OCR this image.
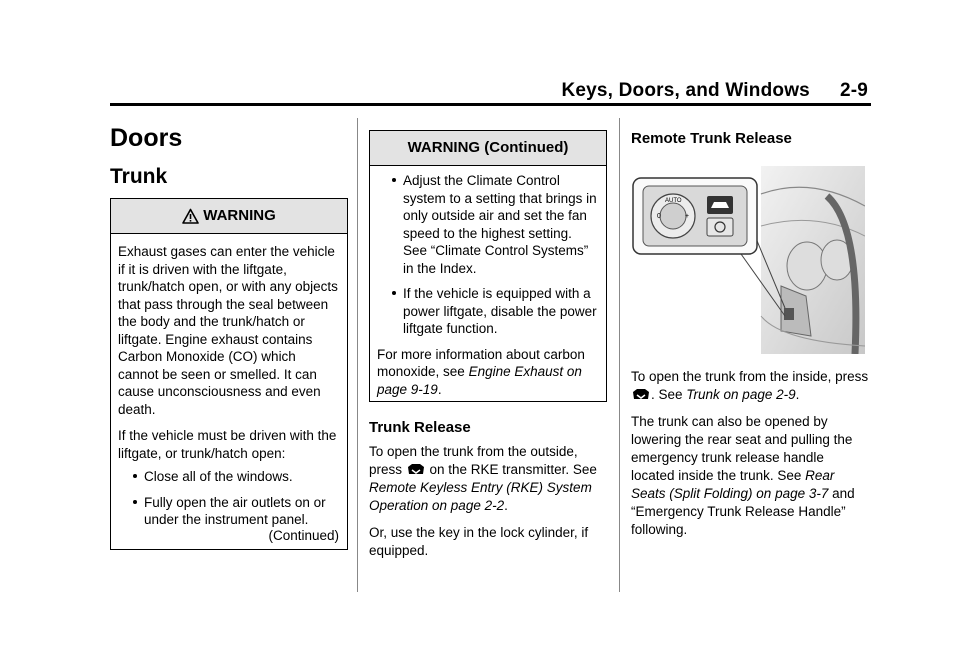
Keys, Doors, and Windows 2-9
Doors
Trunk
WARNING

Exhaust gases can enter the vehicle if it is driven with the liftgate, trunk/hatch open, or with any objects that pass through the seal between the body and the trunk/hatch or liftgate. Engine exhaust contains Carbon Monoxide (CO) which cannot be seen or smelled. It can cause unconsciousness and even death.

If the vehicle must be driven with the liftgate, or trunk/hatch open:

Close all of the windows.
Fully open the air outlets on or under the instrument panel.
(Continued)
WARNING (Continued)
Adjust the Climate Control system to a setting that brings in only outside air and set the fan speed to the highest setting. See “Climate Control Systems” in the Index.
If the vehicle is equipped with a power liftgate, disable the power liftgate function.

For more information about carbon monoxide, see Engine Exhaust on page 9-19.

Trunk Release

To open the trunk from the outside, press  on the RKE transmitter. See Remote Keyless Entry (RKE) System Operation on page 2-2.

Or, use the key in the lock cylinder, if equipped.

Remote Trunk Release
AUTO
0	+

To open the trunk from the inside, press . See Trunk on page 2-9.

The trunk can also be opened by lowering the rear seat and pulling the emergency trunk release handle located inside the trunk. See Rear Seats (Split Folding) on page 3-7 and “Emergency Trunk Release Handle” following.
